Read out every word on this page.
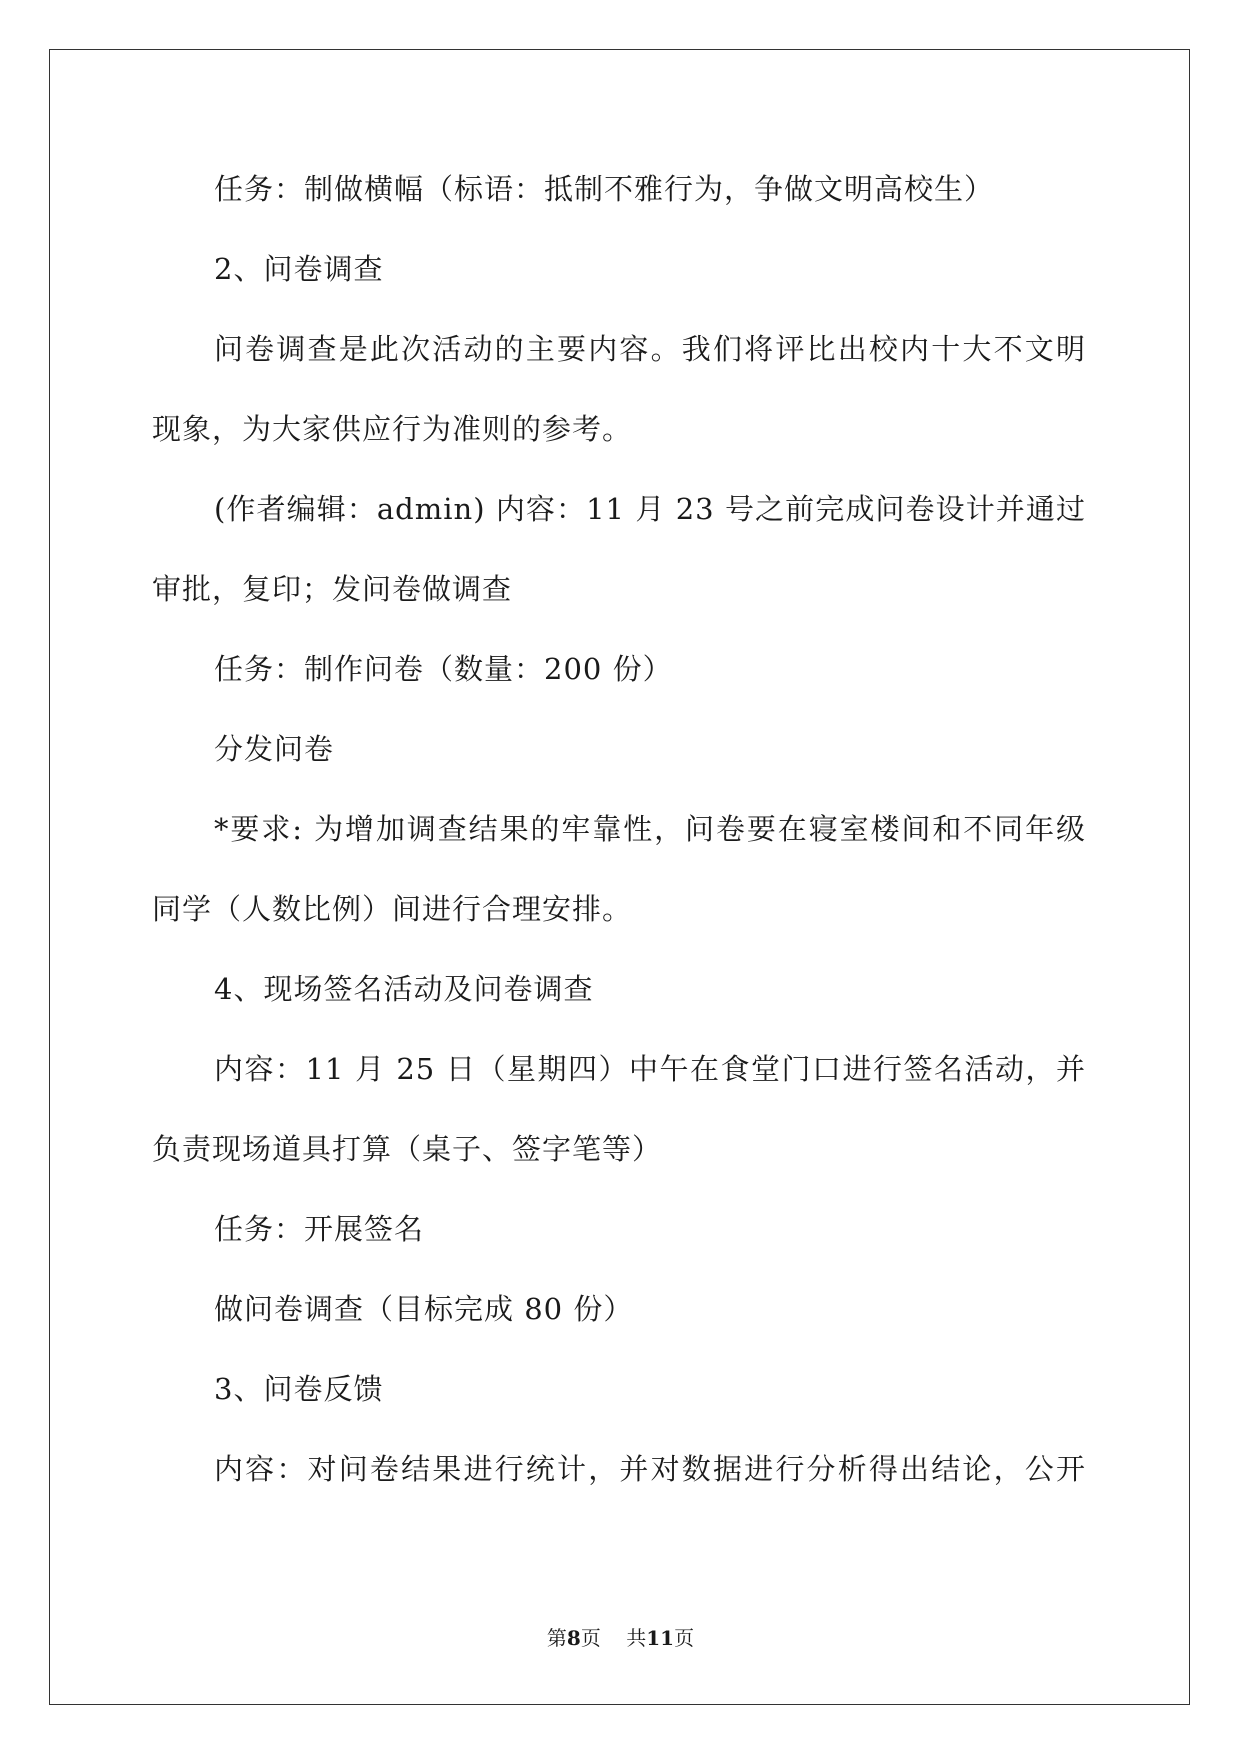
任务：制做横幅（标语：抵制不雅行为，争做文明高校生）
2、问卷调查
问卷调查是此次活动的主要内容。我们将评比出校内十大不文明
现象，为大家供应行为准则的参考。
(作者编辑：admin) 内容：11 月 23 号之前完成问卷设计并通过
审批，复印；发问卷做调查
任务：制作问卷（数量：200 份）
分发问卷
*要求: 为增加调查结果的牢靠性，问卷要在寝室楼间和不同年级
同学（人数比例）间进行合理安排。
4、现场签名活动及问卷调查
内容：11 月 25 日（星期四）中午在食堂门口进行签名活动，并
负责现场道具打算（桌子、签字笔等）
任务：开展签名
做问卷调查（目标完成 80 份）
3、问卷反馈
内容：对问卷结果进行统计，并对数据进行分析得出结论，公开
第8页 共11页
